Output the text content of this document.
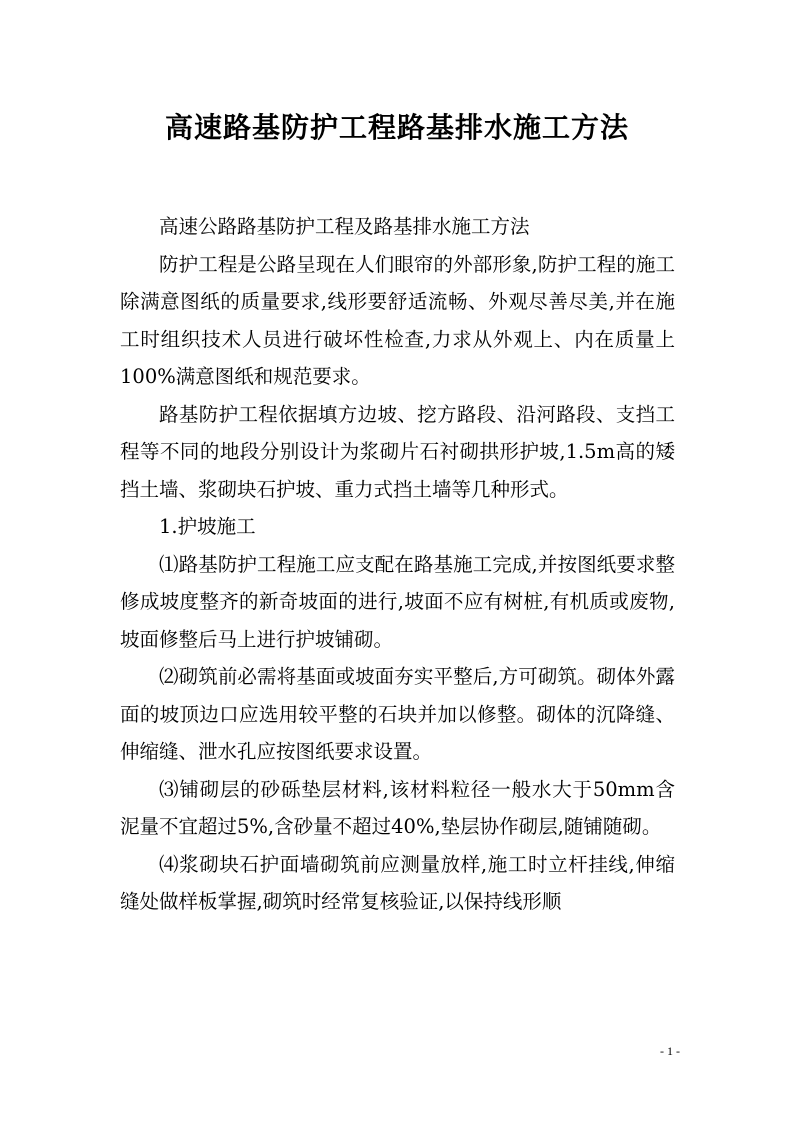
高速路基防护工程路基排水施工方法

高速公路路基防护工程及路基排水施工方法

防护工程是公路呈现在人们眼帘的外部形象,防护工程的施工除满意图纸的质量要求,线形要舒适流畅、外观尽善尽美,并在施工时组织技术人员进行破坏性检查,力求从外观上、内在质量上100%满意图纸和规范要求。

路基防护工程依据填方边坡、挖方路段、沿河路段、支挡工程等不同的地段分别设计为浆砌片石衬砌拱形护坡,1.5m高的矮挡土墙、浆砌块石护坡、重力式挡土墙等几种形式。

1.护坡施工

⑴路基防护工程施工应支配在路基施工完成,并按图纸要求整修成坡度整齐的新奇坡面的进行,坡面不应有树桩,有机质或废物,坡面修整后马上进行护坡铺砌。

⑵砌筑前必需将基面或坡面夯实平整后,方可砌筑。砌体外露面的坡顶边口应选用较平整的石块并加以修整。砌体的沉降缝、伸缩缝、泄水孔应按图纸要求设置。

⑶铺砌层的砂砾垫层材料,该材料粒径一般水大于50mm含泥量不宜超过5%,含砂量不超过40%,垫层协作砌层,随铺随砌。

⑷浆砌块石护面墙砌筑前应测量放样,施工时立杆挂线,伸缩缝处做样板掌握,砌筑时经常复核验证,以保持线形顺

- 1 -
